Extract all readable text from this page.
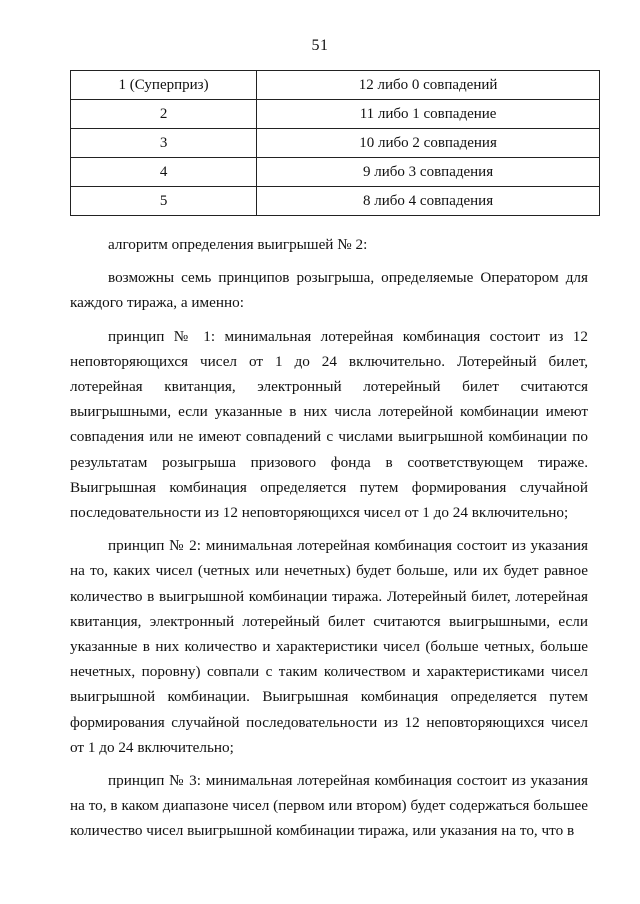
51
1 (Суперприз)	12 либо 0 совпадений
2	11 либо 1 совпадение
3	10 либо 2 совпадения
4	9 либо 3 совпадения
5	8 либо 4 совпадения

алгоритм определения выигрышей № 2:

возможны семь принципов розыгрыша, определяемые Оператором для каждого тиража, а именно:

принцип № 1: минимальная лотерейная комбинация состоит из 12 неповторяющихся чисел от 1 до 24 включительно. Лотерейный билет, лотерейная квитанция, электронный лотерейный билет считаются выигрышными, если указанные в них числа лотерейной комбинации имеют совпадения или не имеют совпадений с числами выигрышной комбинации по результатам розыгрыша призового фонда в соответствующем тираже. Выигрышная комбинация определяется путем формирования случайной последовательности из 12 неповторяющихся чисел от 1 до 24 включительно;

принцип № 2: минимальная лотерейная комбинация состоит из указания на то, каких чисел (четных или нечетных) будет больше, или их будет равное количество в выигрышной комбинации тиража. Лотерейный билет, лотерейная квитанция, электронный лотерейный билет считаются выигрышными, если указанные в них количество и характеристики чисел (больше четных, больше нечетных, поровну) совпали с таким количеством и характеристиками чисел выигрышной комбинации. Выигрышная комбинация определяется путем формирования случайной последовательности из 12 неповторяющихся чисел от 1 до 24 включительно;

принцип № 3: минимальная лотерейная комбинация состоит из указания на то, в каком диапазоне чисел (первом или втором) будет содержаться большее количество чисел выигрышной комбинации тиража, или указания на то, что в
